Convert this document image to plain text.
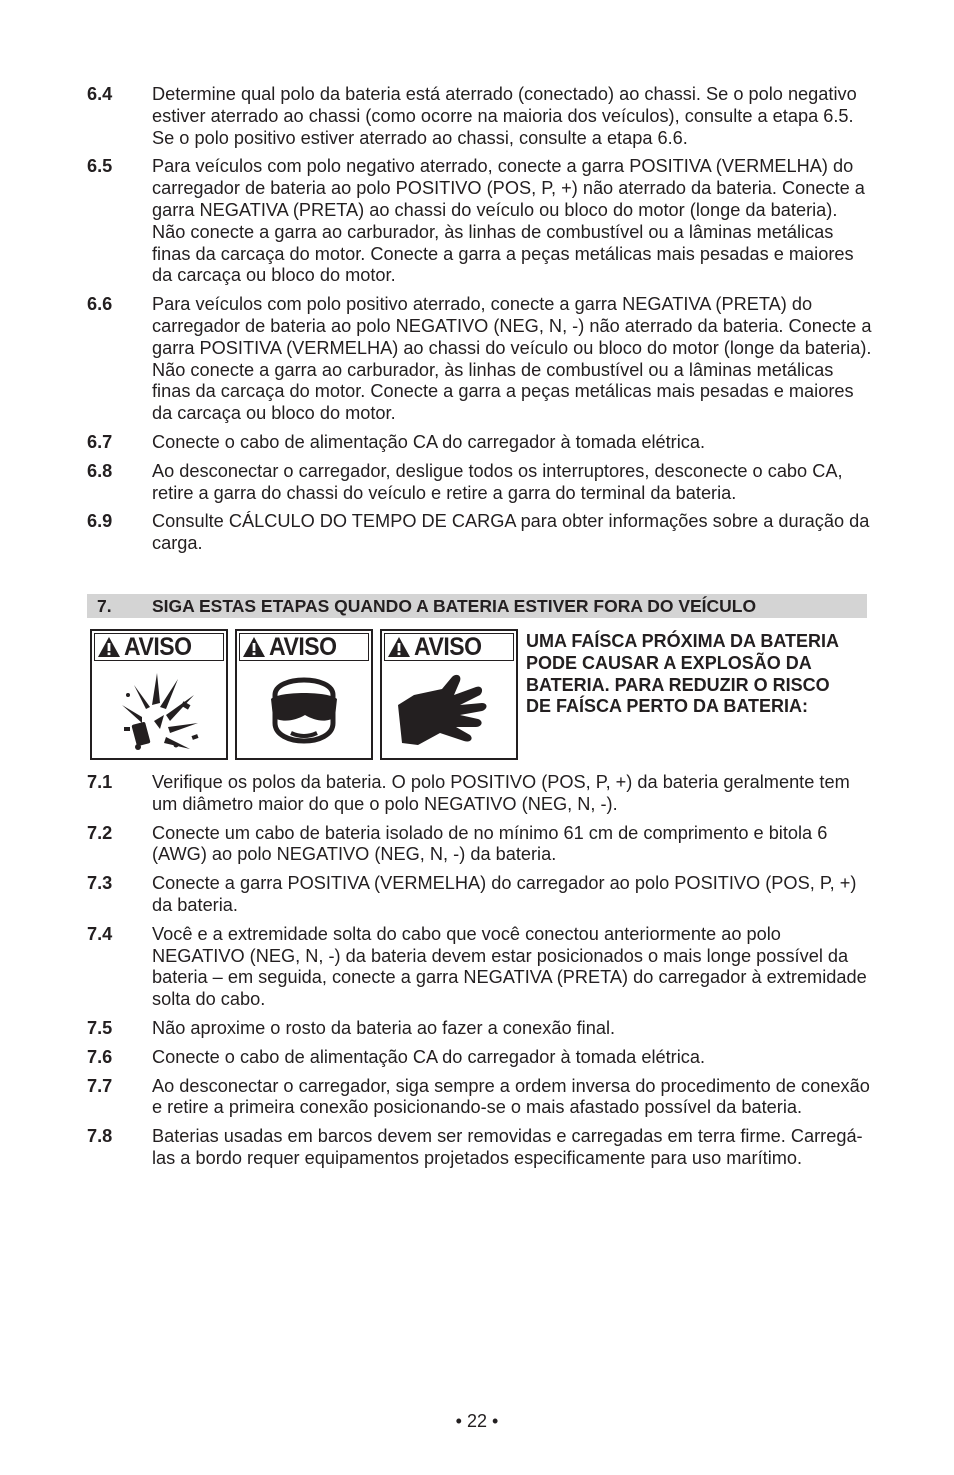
6.4	Determine qual polo da bateria está aterrado (conectado) ao chassi. Se o polo negativo estiver aterrado ao chassi (como ocorre na maioria dos veículos), consulte a etapa 6.5. Se o polo positivo estiver aterrado ao chassi, consulte a etapa 6.6.
6.5	Para veículos com polo negativo aterrado, conecte a garra POSITIVA (VERMELHA) do carregador de bateria ao polo POSITIVO (POS, P, +) não aterrado da bateria. Conecte a garra NEGATIVA (PRETA) ao chassi do veículo ou bloco do motor (longe da bateria). Não conecte a garra ao carburador, às linhas de combustível ou a lâminas metálicas finas da carcaça do motor. Conecte a garra a peças metálicas mais pesadas e maiores da carcaça ou bloco do motor.
6.6	Para veículos com polo positivo aterrado, conecte a garra NEGATIVA (PRETA) do carregador de bateria ao polo NEGATIVO (NEG, N, -) não aterrado da bateria. Conecte a garra POSITIVA (VERMELHA) ao chassi do veículo ou bloco do motor (longe da bateria). Não conecte a garra ao carburador, às linhas de combustível ou a lâminas metálicas finas da carcaça do motor. Conecte a garra a peças metálicas mais pesadas e maiores da carcaça ou bloco do motor.
6.7	Conecte o cabo de alimentação CA do carregador à tomada elétrica.
6.8	Ao desconectar o carregador, desligue todos os interruptores, desconecte o cabo CA, retire a garra do chassi do veículo e retire a garra do terminal da bateria.
6.9	Consulte CÁLCULO DO TEMPO DE CARGA para obter informações sobre a duração da carga.
7.	SIGA ESTAS ETAPAS QUANDO A BATERIA ESTIVER FORA DO VEÍCULO
AVISO	AVISO	AVISO UMA FAÍSCA PRÓXIMA DA BATERIA PODE CAUSAR A EXPLOSÃO DA BATERIA. PARA REDUZIR O RISCO DE FAÍSCA PERTO DA BATERIA:

7.1	Verifique os polos da bateria. O polo POSITIVO (POS, P, +) da bateria geralmente tem um diâmetro maior do que o polo NEGATIVO (NEG, N, -).
7.2	Conecte um cabo de bateria isolado de no mínimo 61 cm de comprimento e bitola 6 (AWG) ao polo NEGATIVO (NEG, N, -) da bateria.
7.3	Conecte a garra POSITIVA (VERMELHA) do carregador ao polo POSITIVO (POS, P, +) da bateria.
7.4	Você e a extremidade solta do cabo que você conectou anteriormente ao polo NEGATIVO (NEG, N, -) da bateria devem estar posicionados o mais longe possível da bateria – em seguida, conecte a garra NEGATIVA (PRETA) do carregador à extremidade solta do cabo.
7.5	Não aproxime o rosto da bateria ao fazer a conexão final.
7.6	Conecte o cabo de alimentação CA do carregador à tomada elétrica.
7.7	Ao desconectar o carregador, siga sempre a ordem inversa do procedimento de conexão e retire a primeira conexão posicionando-se o mais afastado possível da bateria.
7.8	Baterias usadas em barcos devem ser removidas e carregadas em terra firme. Carregá-las a bordo requer equipamentos projetados especificamente para uso marítimo.
• 22 •
